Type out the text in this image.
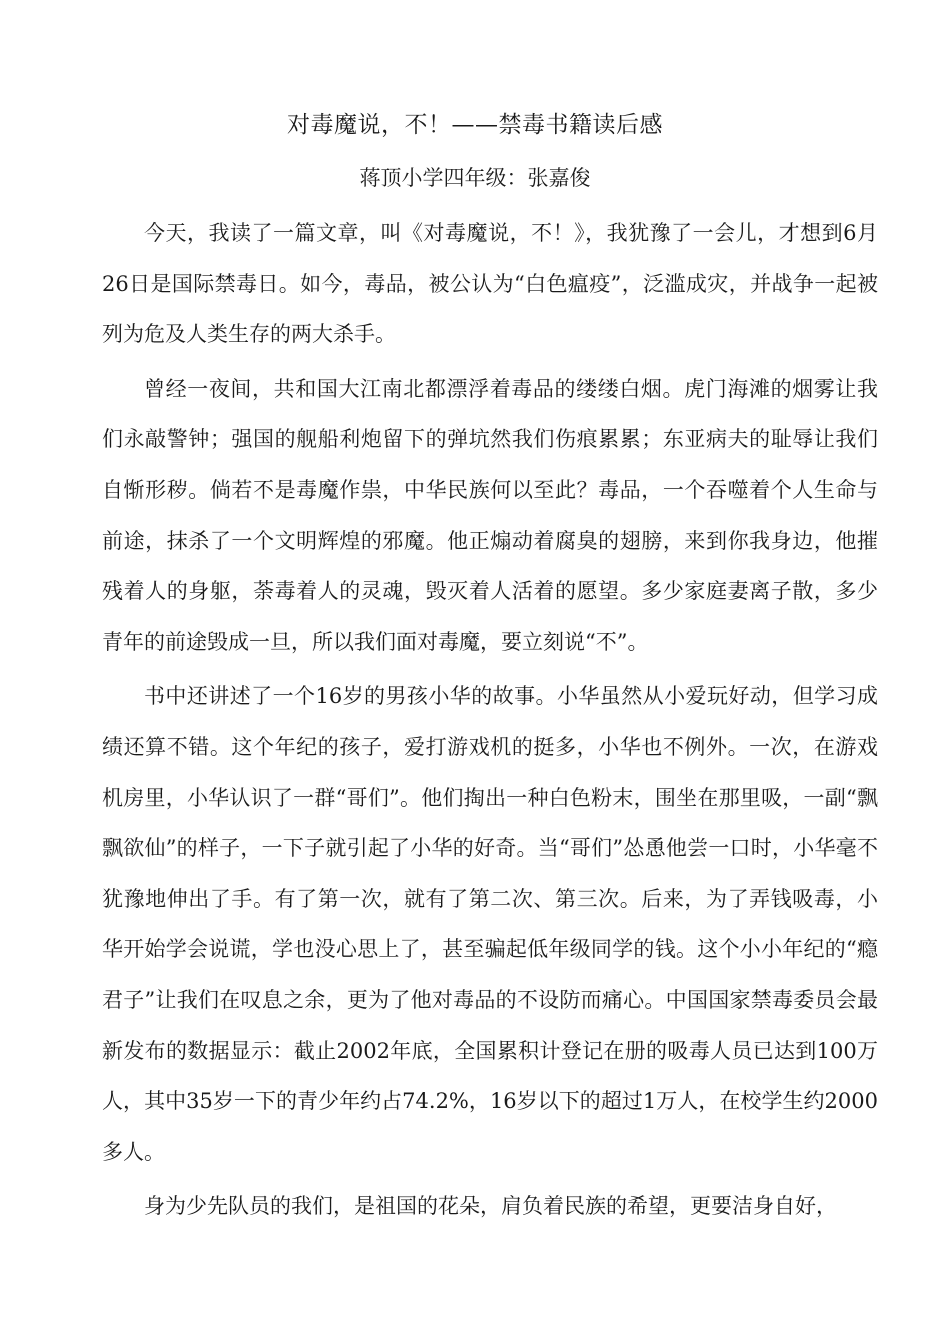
对毒魔说，不！——禁毒书籍读后感
蒋顶小学四年级：张嘉俊

今天，我读了一篇文章，叫《对毒魔说，不！》，我犹豫了一会儿，才想到6月26日是国际禁毒日。如今，毒品，被公认为“白色瘟疫”，泛滥成灾，并战争一起被列为危及人类生存的两大杀手。

曾经一夜间，共和国大江南北都漂浮着毒品的缕缕白烟。虎门海滩的烟雾让我们永敲警钟；强国的舰船利炮留下的弹坑然我们伤痕累累；东亚病夫的耻辱让我们自惭形秽。倘若不是毒魔作祟，中华民族何以至此？毒品，一个吞噬着个人生命与前途，抹杀了一个文明辉煌的邪魔。他正煽动着腐臭的翅膀，来到你我身边，他摧残着人的身躯，荼毒着人的灵魂，毁灭着人活着的愿望。多少家庭妻离子散，多少青年的前途毁成一旦，所以我们面对毒魔，要立刻说“不”。

书中还讲述了一个16岁的男孩小华的故事。小华虽然从小爱玩好动，但学习成绩还算不错。这个年纪的孩子，爱打游戏机的挺多，小华也不例外。一次，在游戏机房里，小华认识了一群“哥们”。他们掏出一种白色粉末，围坐在那里吸，一副“飘飘欲仙”的样子，一下子就引起了小华的好奇。当“哥们”怂恿他尝一口时，小华毫不犹豫地伸出了手。有了第一次，就有了第二次、第三次。后来，为了弄钱吸毒，小华开始学会说谎，学也没心思上了，甚至骗起低年级同学的钱。这个小小年纪的“瘾君子”让我们在叹息之余，更为了他对毒品的不设防而痛心。中国国家禁毒委员会最新发布的数据显示：截止2002年底，全国累积计登记在册的吸毒人员已达到100万人，其中35岁一下的青少年约占74.2%，16岁以下的超过1万人，在校学生约2000多人。

身为少先队员的我们，是祖国的花朵，肩负着民族的希望，更要洁身自好，
